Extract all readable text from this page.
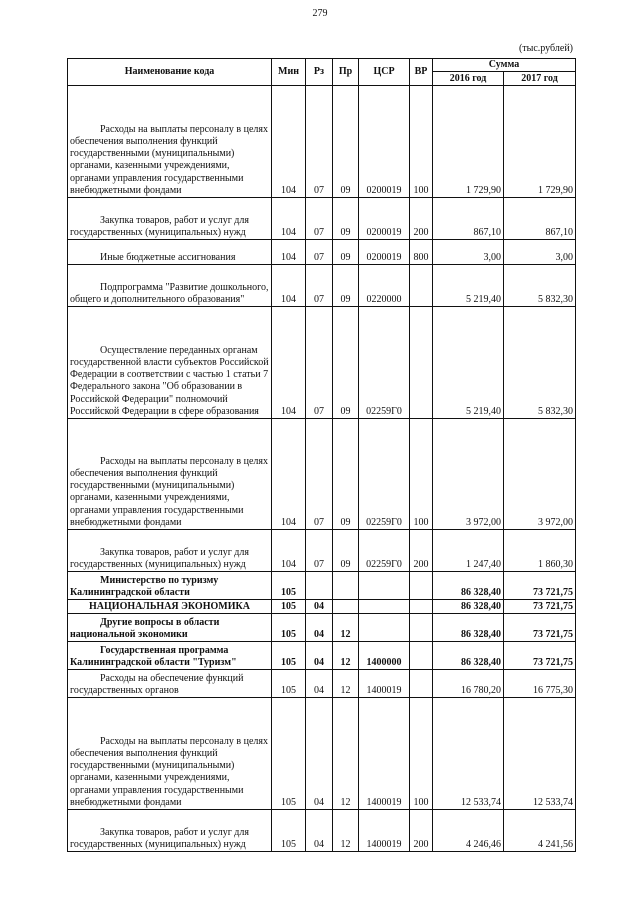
279
(тыс.рублей)
Наименование кода	Мин	Рз	Пр	ЦСР	ВР	Сумма	
						2016 год	2017 год
Расходы на выплаты персоналу в целях обеспечения выполнения функций государственными (муниципальными) органами, казенными учреждениями, органами управления государственными внебюджетными фондами	104	07	09	0200019	100	1 729,90	1 729,90
Закупка товаров, работ и услуг для государственных (муниципальных) нужд	104	07	09	0200019	200	867,10	867,10
Иные бюджетные ассигнования	104	07	09	0200019	800	3,00	3,00
Подпрограмма "Развитие дошкольного, общего и дополнительного образования"	104	07	09	0220000		5 219,40	5 832,30
Осуществление переданных органам государственной власти субъектов Российской Федерации в соответствии с частью 1 статьи 7 Федерального закона "Об образовании в Российской Федерации" полномочий Российской Федерации в сфере образования	104	07	09	02259Г0		5 219,40	5 832,30
Расходы на выплаты персоналу в целях обеспечения выполнения функций государственными (муниципальными) органами, казенными учреждениями, органами управления государственными внебюджетными фондами	104	07	09	02259Г0	100	3 972,00	3 972,00
Закупка товаров, работ и услуг для государственных (муниципальных) нужд	104	07	09	02259Г0	200	1 247,40	1 860,30
Министерство по туризму Калининградской области	105					86 328,40	73 721,75
НАЦИОНАЛЬНАЯ ЭКОНОМИКА	105	04				86 328,40	73 721,75
Другие вопросы в области национальной экономики	105	04	12			86 328,40	73 721,75
Государственная программа Калининградской области "Туризм"	105	04	12	1400000		86 328,40	73 721,75
Расходы на обеспечение функций государственных органов	105	04	12	1400019		16 780,20	16 775,30
Расходы на выплаты персоналу в целях обеспечения выполнения функций государственными (муниципальными) органами, казенными учреждениями, органами управления государственными внебюджетными фондами	105	04	12	1400019	100	12 533,74	12 533,74
Закупка товаров, работ и услуг для государственных (муниципальных) нужд	105	04	12	1400019	200	4 246,46	4 241,56
